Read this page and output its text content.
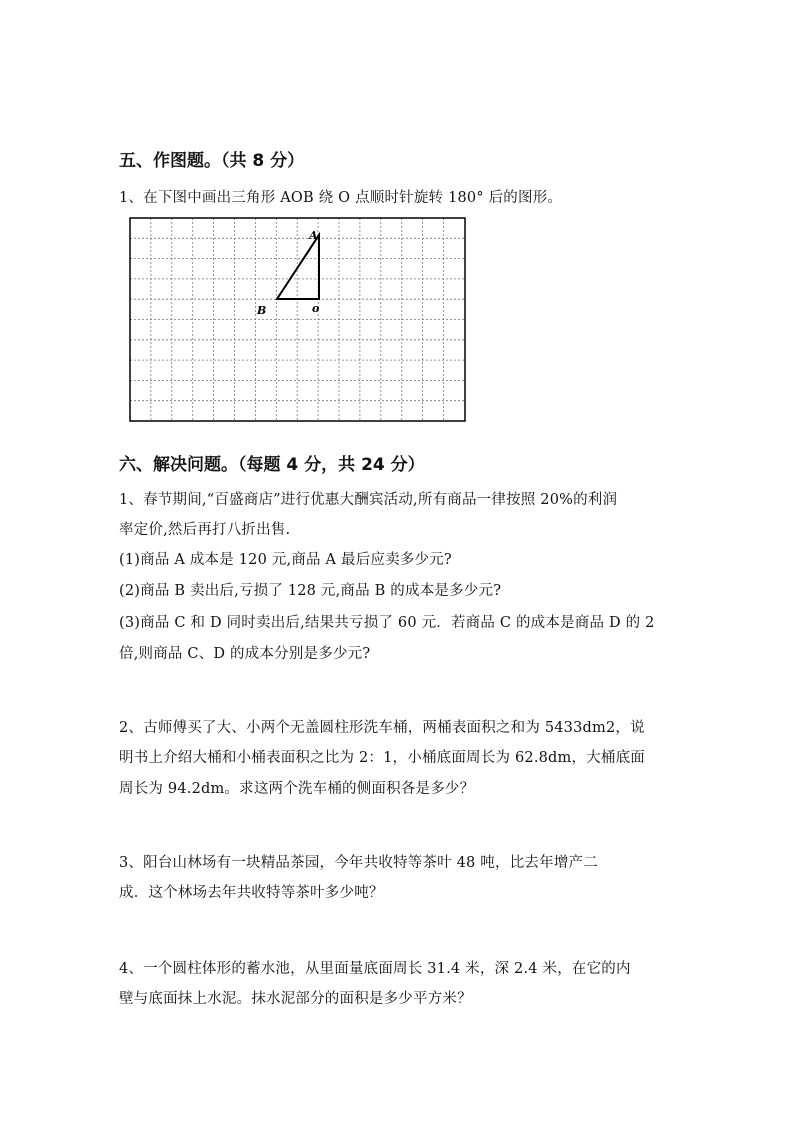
五、作图题。（共 8 分）
1、在下图中画出三角形 AOB 绕 O 点顺时针旋转 180° 后的图形。
A
B	o
六、解决问题。（每题 4 分，共 24 分）
1、春节期间,“百盛商店”进行优惠大酬宾活动,所有商品一律按照 20%的利润
率定价,然后再打八折出售.
(1)商品 A 成本是 120 元,商品 A 最后应卖多少元?
(2)商品 B 卖出后,亏损了 128 元,商品 B 的成本是多少元?
(3)商品 C 和 D 同时卖出后,结果共亏损了 60 元．若商品 C 的成本是商品 D 的 2
倍,则商品 C、D 的成本分别是多少元?
2、古师傅买了大、小两个无盖圆柱形洗车桶，两桶表面积之和为 5433dm2，说
明书上介绍大桶和小桶表面积之比为 2：1，小桶底面周长为 62.8dm，大桶底面
周长为 94.2dm。求这两个洗车桶的侧面积各是多少？
3、阳台山林场有一块精品茶园，今年共收特等茶叶 48 吨，比去年增产二
成．这个林场去年共收特等茶叶多少吨？
4、一个圆柱体形的蓄水池，从里面量底面周长 31.4 米，深 2.4 米，在它的内
壁与底面抹上水泥。抹水泥部分的面积是多少平方米？
